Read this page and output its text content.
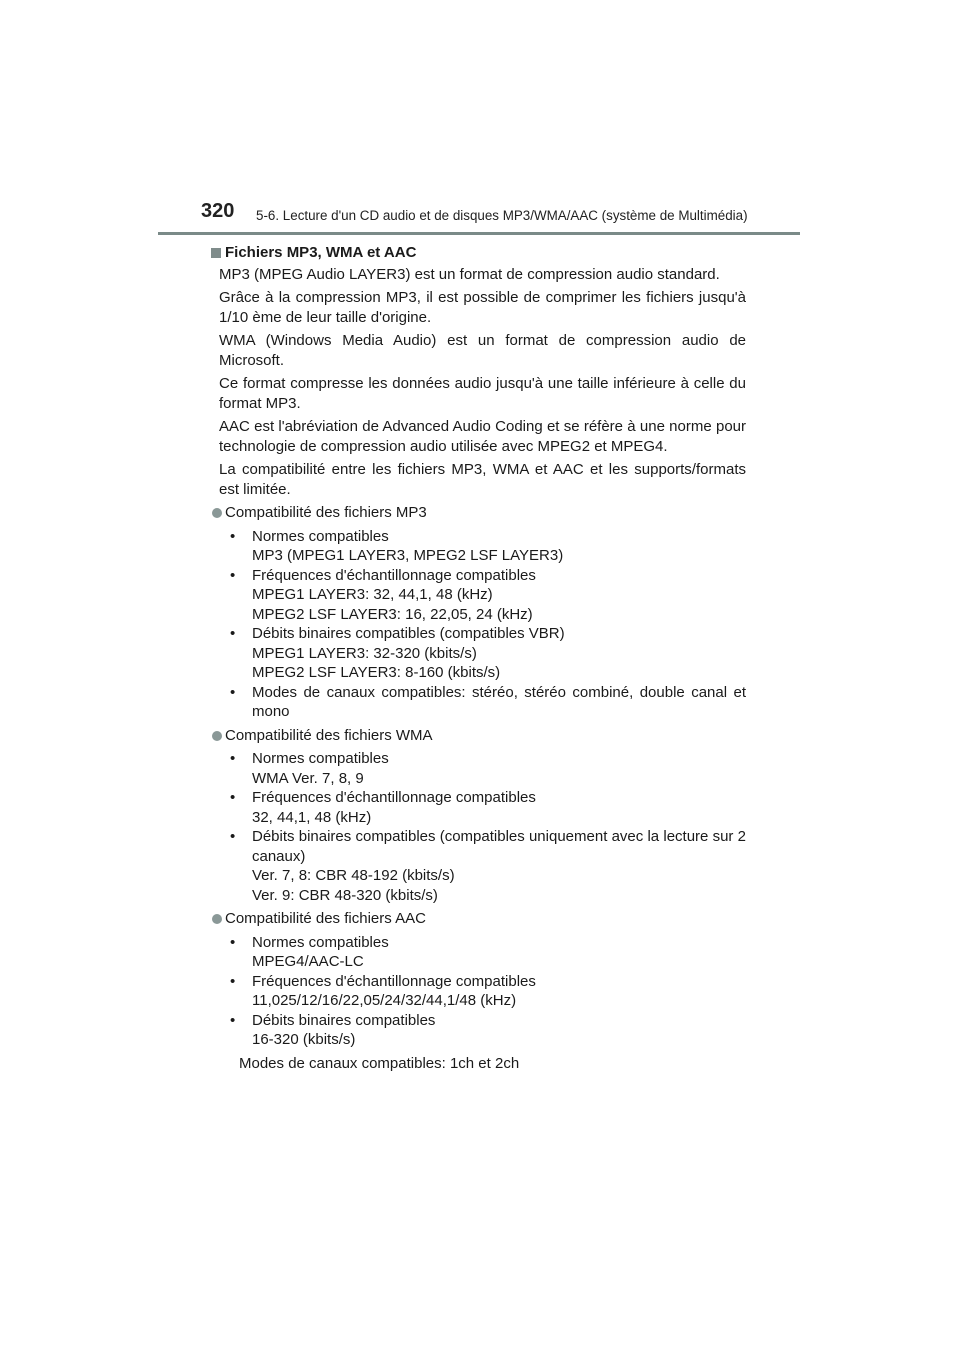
320 5-6. Lecture d'un CD audio et de disques MP3/WMA/AAC (système de Multimédia)
Fichiers MP3, WMA et AAC

MP3 (MPEG Audio LAYER3) est un format de compression audio standard.

Grâce à la compression MP3, il est possible de comprimer les fichiers jusqu'à 1/10 ème de leur taille d'origine.

WMA (Windows Media Audio) est un format de compression audio de Microsoft.

Ce format compresse les données audio jusqu'à une taille inférieure à celle du format MP3.

AAC est l'abréviation de Advanced Audio Coding et se réfère à une norme pour technologie de compression audio utilisée avec MPEG2 et MPEG4.

La compatibilité entre les fichiers MP3, WMA et AAC et les supports/formats est limitée.

Compatibilité des fichiers MP3
• Normes compatibles
MP3 (MPEG1 LAYER3, MPEG2 LSF LAYER3)
• Fréquences d'échantillonnage compatibles
MPEG1 LAYER3: 32, 44,1, 48 (kHz)
MPEG2 LSF LAYER3: 16, 22,05, 24 (kHz)
• Débits binaires compatibles (compatibles VBR)
MPEG1 LAYER3: 32-320 (kbits/s)
MPEG2 LSF LAYER3: 8-160 (kbits/s)
• Modes de canaux compatibles: stéréo, stéréo combiné, double canal et mono
Compatibilité des fichiers WMA
• Normes compatibles
WMA Ver. 7, 8, 9
• Fréquences d'échantillonnage compatibles
32, 44,1, 48 (kHz)
• Débits binaires compatibles (compatibles uniquement avec la lecture sur 2 canaux)
Ver. 7, 8: CBR 48-192 (kbits/s)
Ver. 9: CBR 48-320 (kbits/s)
Compatibilité des fichiers AAC
• Normes compatibles
MPEG4/AAC-LC
• Fréquences d'échantillonnage compatibles
11,025/12/16/22,05/24/32/44,1/48 (kHz)
• Débits binaires compatibles
16-320 (kbits/s)
Modes de canaux compatibles: 1ch et 2ch
